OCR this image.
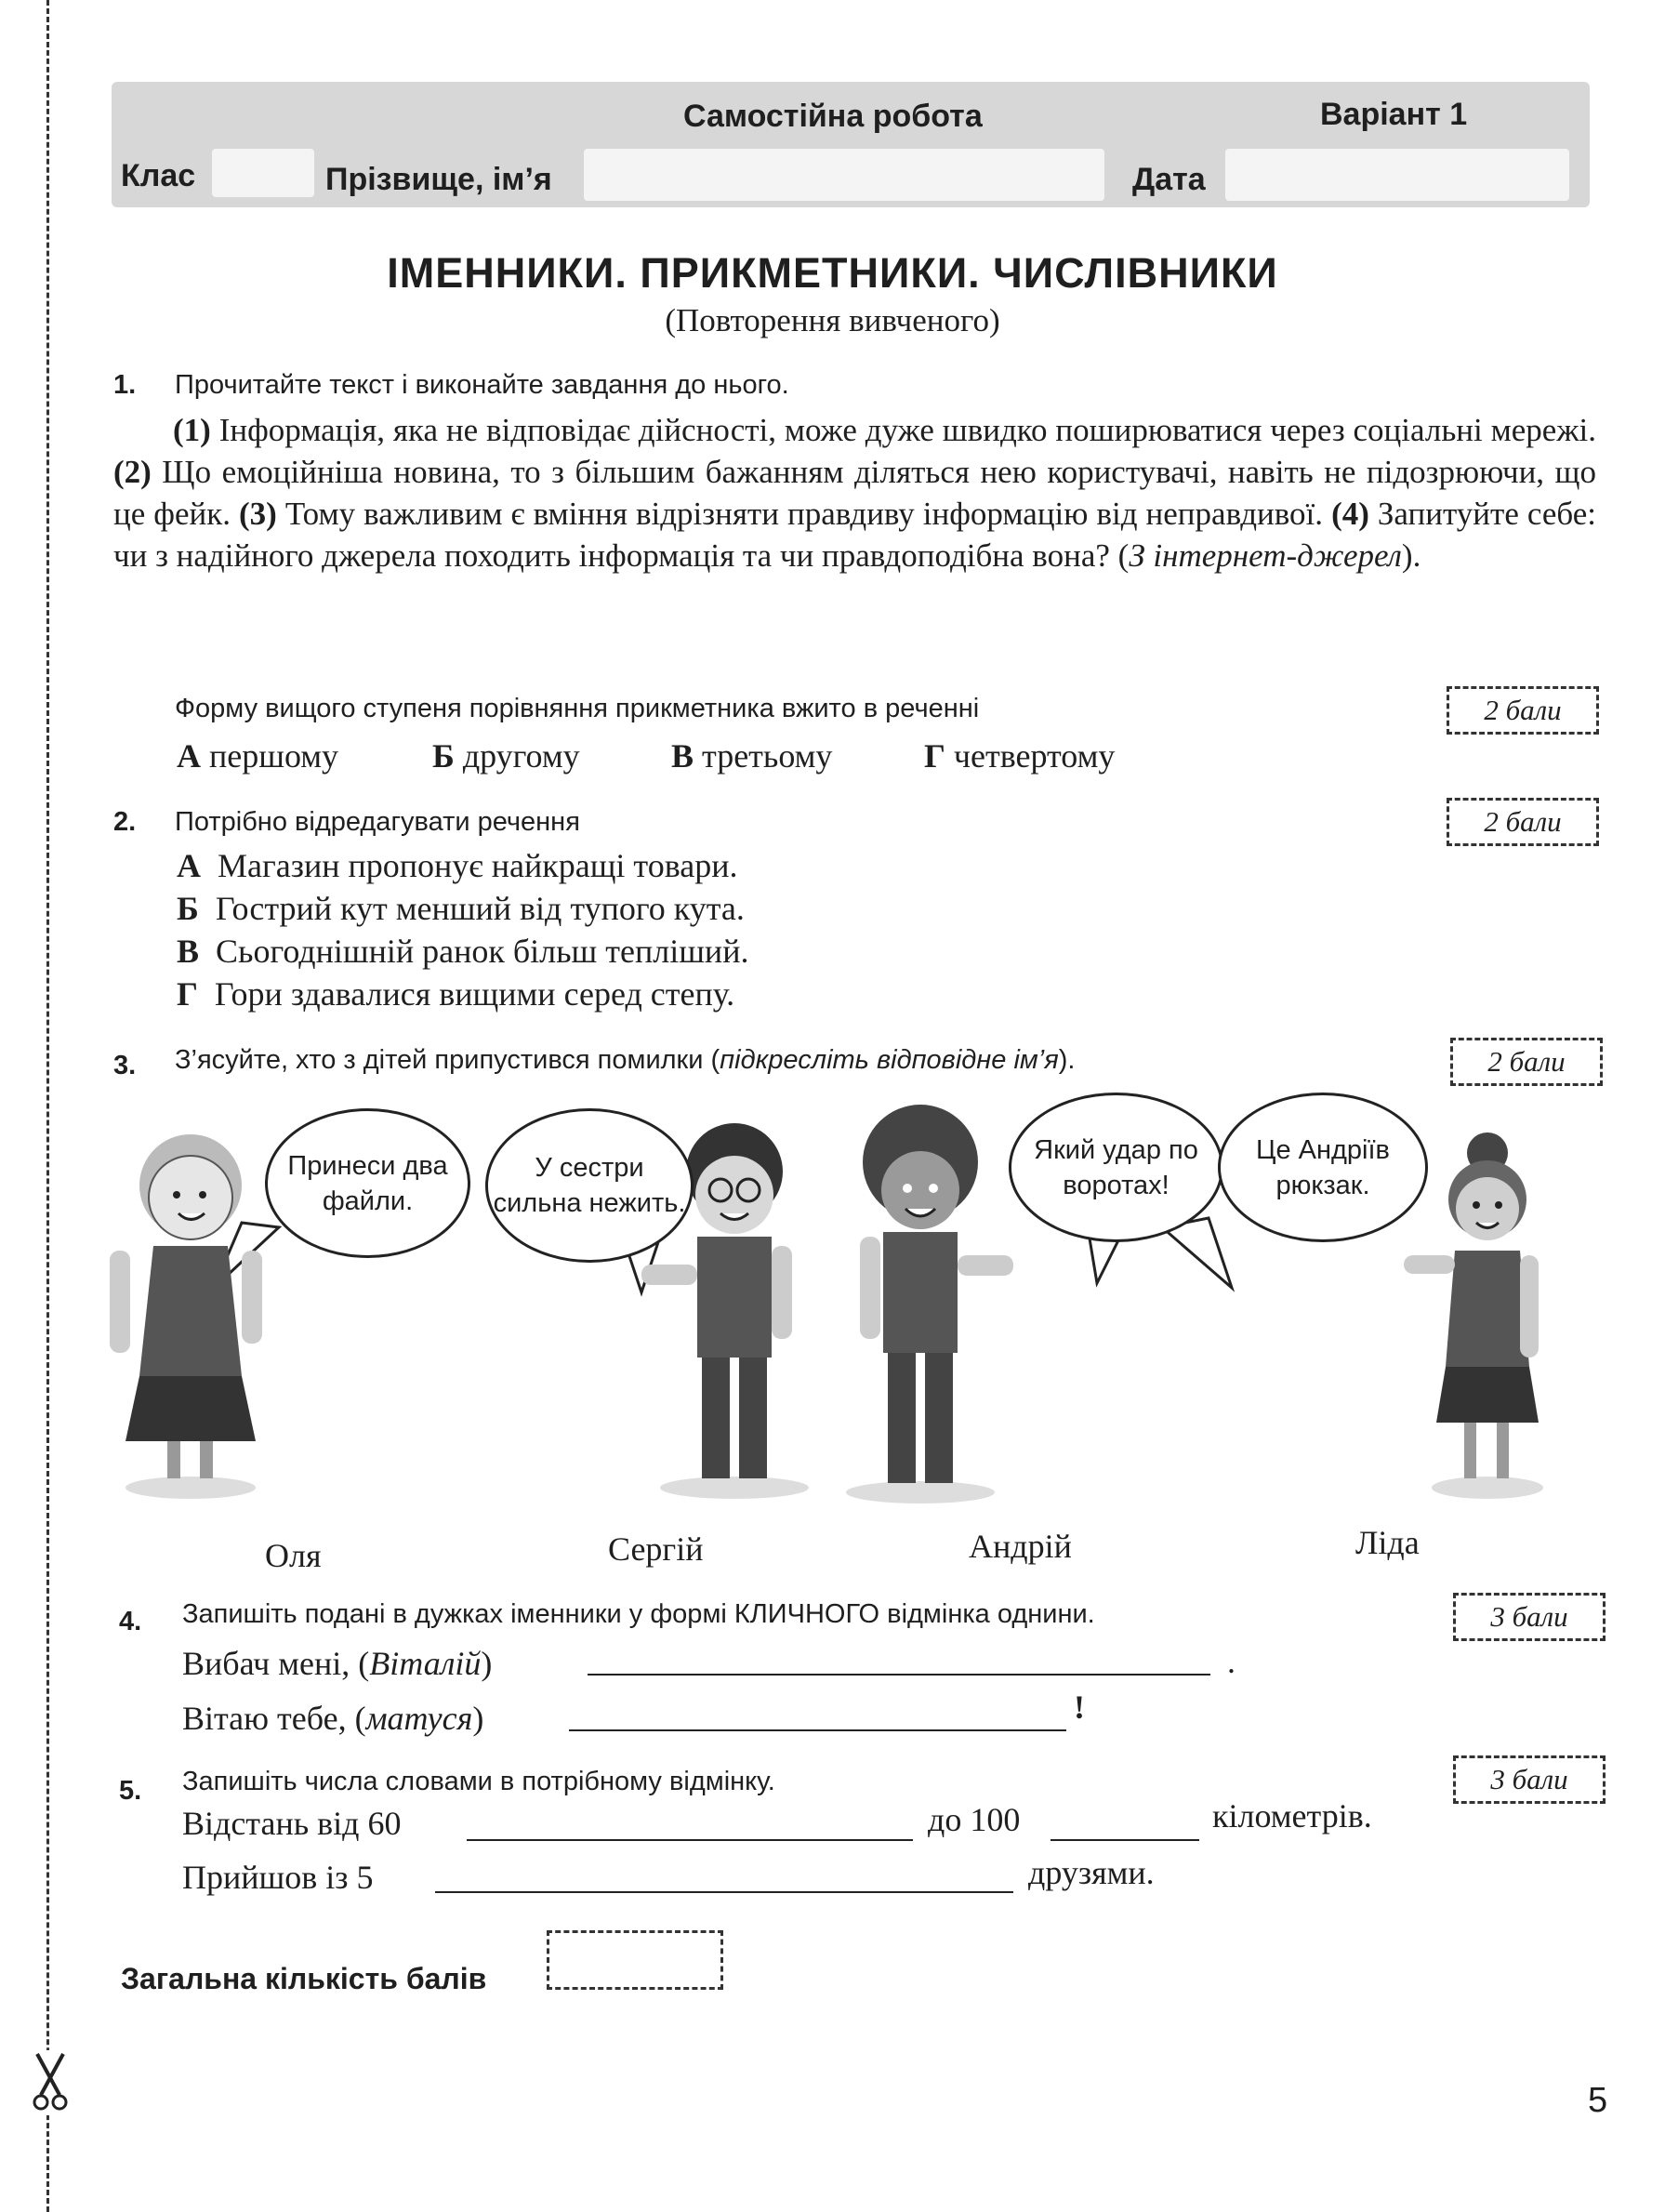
Самостійна робота	Варіант 1
Клас	Прізвище, ім’я	Дата
ІМЕННИКИ. ПРИКМЕТНИКИ. ЧИСЛІВНИКИ
(Повторення вивченого)
1. Прочитайте текст і виконайте завдання до нього.
(1) Інформація, яка не відповідає дійсності, може дуже швидко поширюватися через соціальні мережі. (2) Що емоційніша новина, то з більшим бажанням діляться нею користувачі, навіть не підозрюючи, що це фейк. (3) Тому важливим є вміння відрізняти правдиву інформацію від неправдивої. (4) Запитуйте себе: чи з надійного джерела походить інформація та чи правдоподібна вона? (З інтернет-джерел).
Форму вищого ступеня порівняння прикметника вжито в реченні	2 бали
А першому	Б другому	В третьому	Г четвертому
2. Потрібно відредагувати речення	2 бали
А Магазин пропонує найкращі товари.
Б Гострий кут менший від тупого кута.
В Сьогоднішній ранок більш тепліший.
Г Гори здавалися вищими серед степу.
3. З’ясуйте, хто з дітей припустився помилки (підкресліть відповідне ім’я).	2 бали
Принеси два файли.
У сестри сильна нежить.
Який удар по воротах!
Це Андріїв рюкзак.
Оля	Сергій	Андрій	Ліда
4. Запишіть подані в дужках іменники у формі КЛИЧНОГО відмінка однини.	3 бали
Вибач мені, (Віталій)	.
Вітаю тебе, (матуся)	!
5. Запишіть числа словами в потрібному відмінку.	3 бали
Відстань від 60	до 100	кілометрів.
Прийшов із 5	друзями.
Загальна кількість балів
5
